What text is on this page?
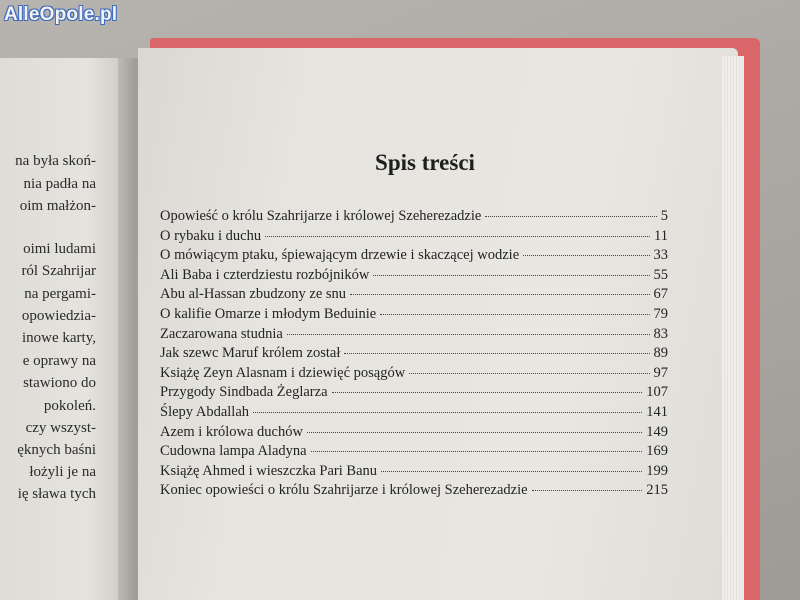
na była skoń-
nia padła na
oim małżon-
oimi ludami
ról Szahrijar
na pergami-
opowiedzia-
inowe karty,
e oprawy na
stawiono do
pokoleń.
czy wszyst-
ęknych baśni
łożyli je na
ię sława tych
Spis treści
Opowieść o królu Szahrijarze i królowej Szeherezadzie	5
O rybaku i duchu	11
O mówiącym ptaku, śpiewającym drzewie i skaczącej wodzie	33
Ali Baba i czterdziestu rozbójników	55
Abu al-Hassan zbudzony ze snu	67
O kalifie Omarze i młodym Beduinie	79
Zaczarowana studnia	83
Jak szewc Maruf królem został	89
Książę Zeyn Alasnam i dziewięć posągów	97
Przygody Sindbada Żeglarza	107
Ślepy Abdallah	141
Azem i królowa duchów	149
Cudowna lampa Aladyna	169
Książę Ahmed i wieszczka Pari Banu	199
Koniec opowieści o królu Szahrijarze i królowej Szeherezadzie	215
AlleOpole.pl
